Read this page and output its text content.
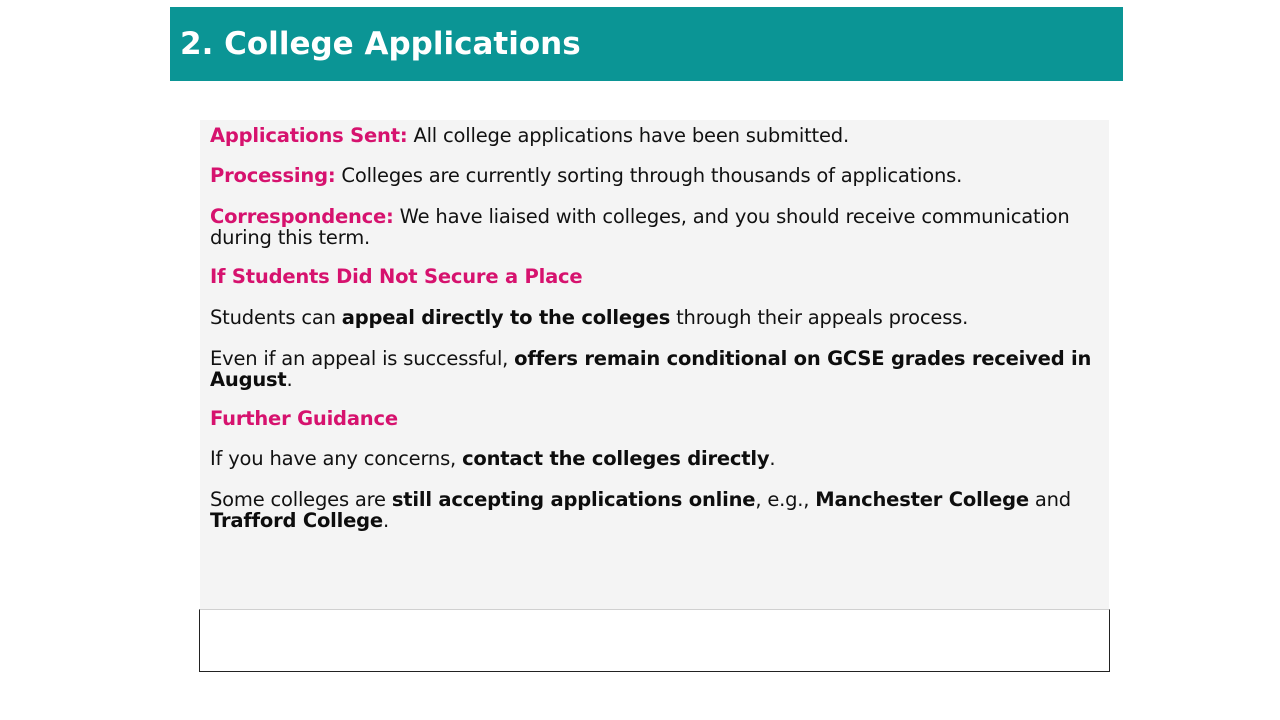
2. College Applications

Applications Sent: All college applications have been submitted.

Processing: Colleges are currently sorting through thousands of applications.

Correspondence: We have liaised with colleges, and you should receive communication during this term.

If Students Did Not Secure a Place

Students can appeal directly to the colleges through their appeals process.

Even if an appeal is successful, offers remain conditional on GCSE grades received in August.

Further Guidance

If you have any concerns, contact the colleges directly.

Some colleges are still accepting applications online, e.g., Manchester College and Trafford College.
